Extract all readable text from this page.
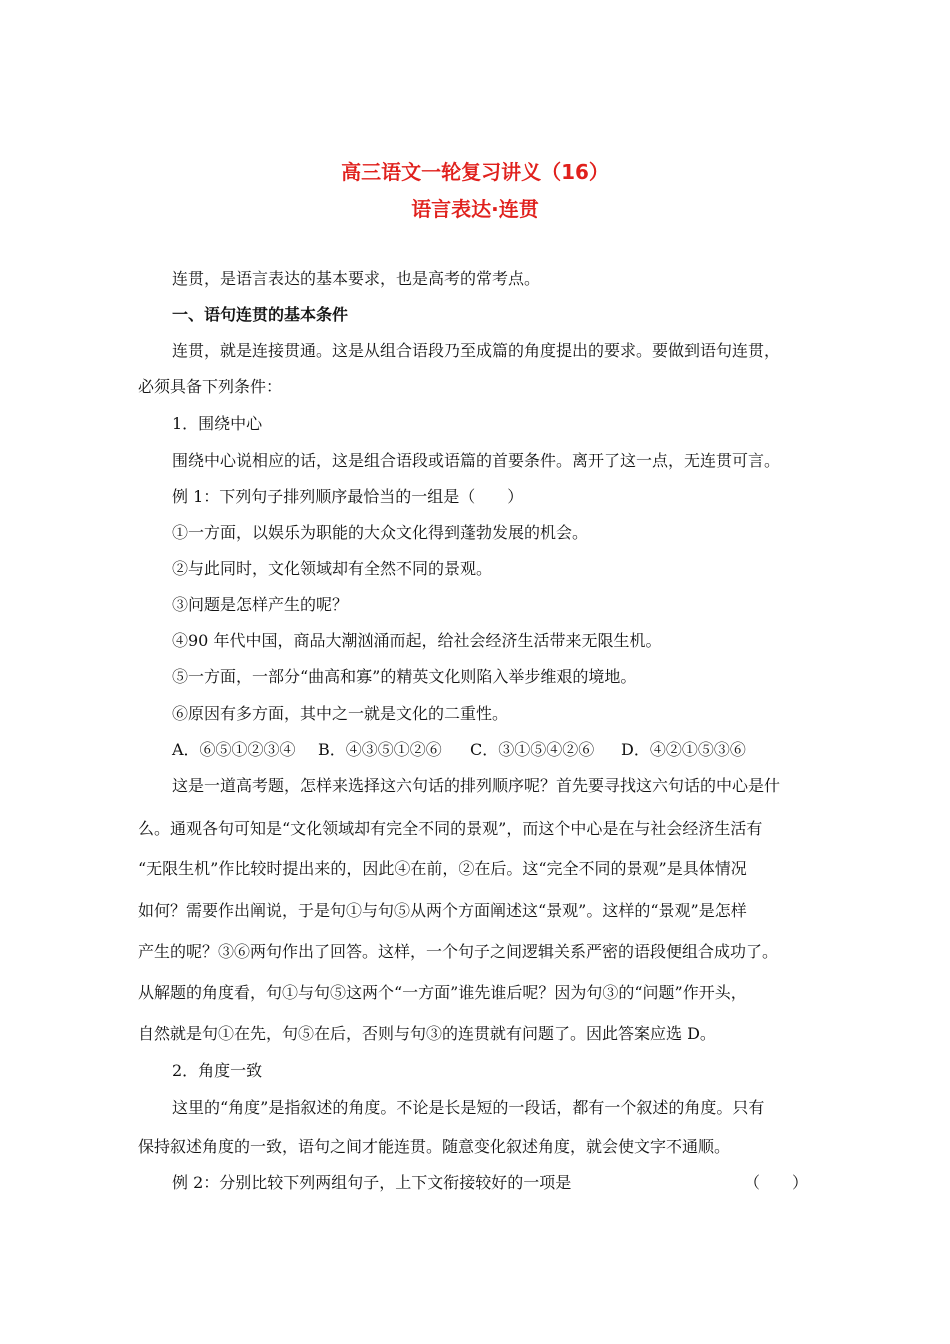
高三语文一轮复习讲义（16）
语言表达·连贯
连贯，是语言表达的基本要求，也是高考的常考点。
一、语句连贯的基本条件
连贯，就是连接贯通。这是从组合语段乃至成篇的角度提出的要求。要做到语句连贯，
必须具备下列条件：
1．围绕中心
围绕中心说相应的话，这是组合语段或语篇的首要条件。离开了这一点，无连贯可言。
例 1：下列句子排列顺序最恰当的一组是（　　）
①一方面，以娱乐为职能的大众文化得到蓬勃发展的机会。
②与此同时，文化领域却有全然不同的景观。
③问题是怎样产生的呢？
④90 年代中国，商品大潮汹涌而起，给社会经济生活带来无限生机。
⑤一方面，一部分“曲高和寡”的精英文化则陷入举步维艰的境地。
⑥原因有多方面，其中之一就是文化的二重性。
A．⑥⑤①②③④ B．④③⑤①②⑥ C．③①⑤④②⑥ D．④②①⑤③⑥
这是一道高考题，怎样来选择这六句话的排列顺序呢？首先要寻找这六句话的中心是什
么。通观各句可知是“文化领域却有完全不同的景观”，而这个中心是在与社会经济生活有
“无限生机”作比较时提出来的，因此④在前，②在后。这“完全不同的景观”是具体情况
如何？需要作出阐说，于是句①与句⑤从两个方面阐述这“景观”。这样的“景观”是怎样
产生的呢？③⑥两句作出了回答。这样，一个句子之间逻辑关系严密的语段便组合成功了。
从解题的角度看，句①与句⑤这两个“一方面”谁先谁后呢？因为句③的“问题”作开头，
自然就是句①在先，句⑤在后，否则与句③的连贯就有问题了。因此答案应选 D。
2．角度一致
这里的“角度”是指叙述的角度。不论是长是短的一段话，都有一个叙述的角度。只有
保持叙述角度的一致，语句之间才能连贯。随意变化叙述角度，就会使文字不通顺。
例 2：分别比较下列两组句子，上下文衔接较好的一项是	（　　）
